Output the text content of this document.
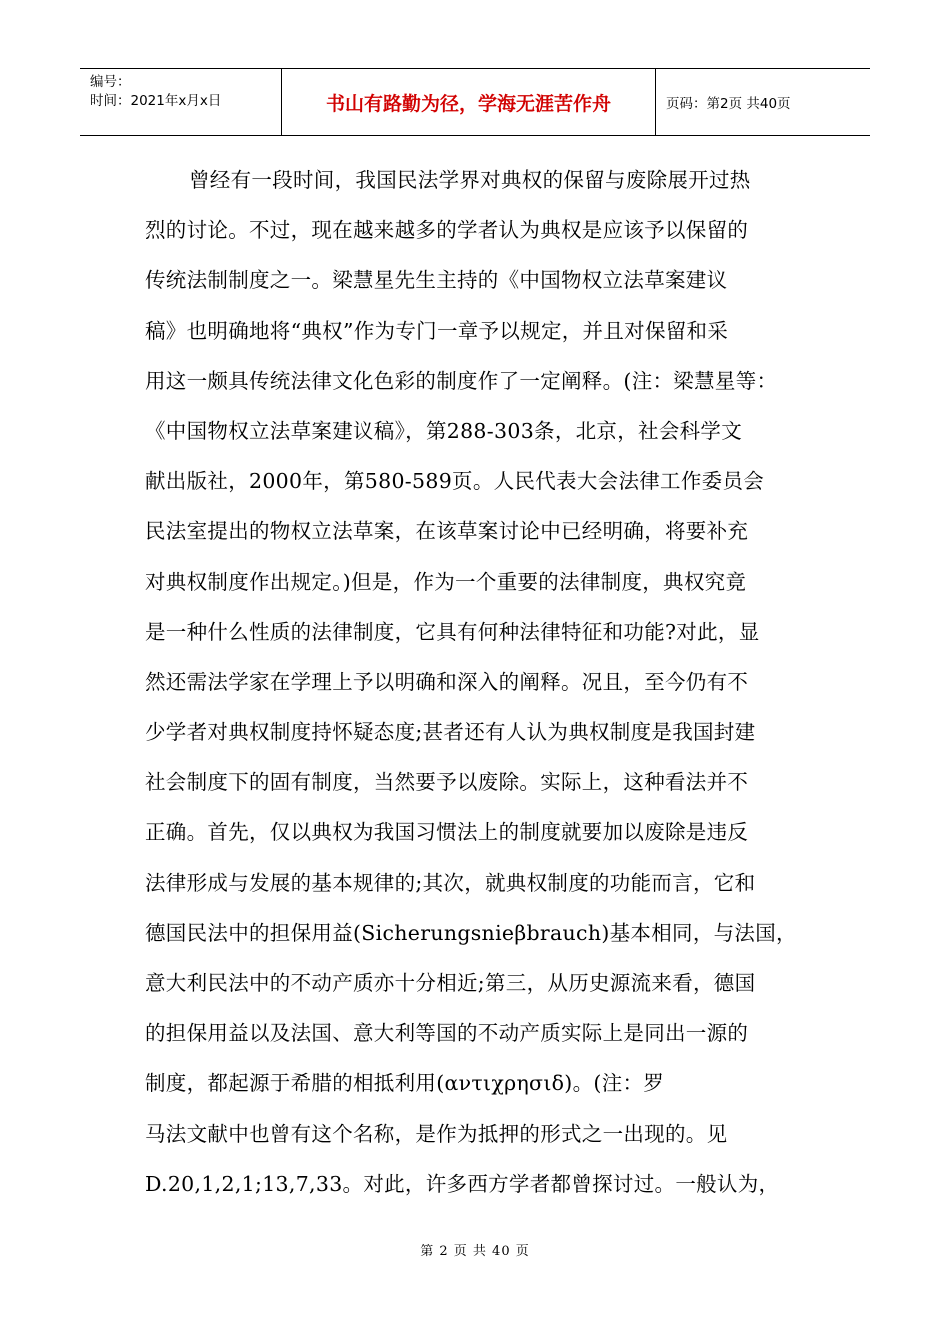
编号：
时间：2021年x月x日	书山有路勤为径，学海无涯苦作舟	页码：第2页 共40页
曾经有一段时间，我国民法学界对典权的保留与废除展开过热
烈的讨论。不过，现在越来越多的学者认为典权是应该予以保留的
传统法制制度之一。梁慧星先生主持的《中国物权立法草案建议
稿》也明确地将“典权”作为专门一章予以规定，并且对保留和采
用这一颇具传统法律文化色彩的制度作了一定阐释。(注：梁慧星等：
《中国物权立法草案建议稿》，第288-303条，北京，社会科学文
献出版社，2000年，第580-589页。人民代表大会法律工作委员会
民法室提出的物权立法草案，在该草案讨论中已经明确，将要补充
对典权制度作出规定。)但是，作为一个重要的法律制度，典权究竟
是一种什么性质的法律制度，它具有何种法律特征和功能?对此，显
然还需法学家在学理上予以明确和深入的阐释。况且，至今仍有不
少学者对典权制度持怀疑态度;甚者还有人认为典权制度是我国封建
社会制度下的固有制度，当然要予以废除。实际上，这种看法并不
正确。首先，仅以典权为我国习惯法上的制度就要加以废除是违反
法律形成与发展的基本规律的;其次，就典权制度的功能而言，它和
德国民法中的担保用益(Sicherungsnieβbrauch)基本相同，与法国，
意大利民法中的不动产质亦十分相近;第三，从历史源流来看，德国
的担保用益以及法国、意大利等国的不动产质实际上是同出一源的
制度，都起源于希腊的相抵利用(αντιχρησιδ)。(注：罗
马法文献中也曾有这个名称，是作为抵押的形式之一出现的。见
D.20,1,2,1;13,7,33。对此，许多西方学者都曾探讨过。一般认为，
第 2 页 共 40 页
